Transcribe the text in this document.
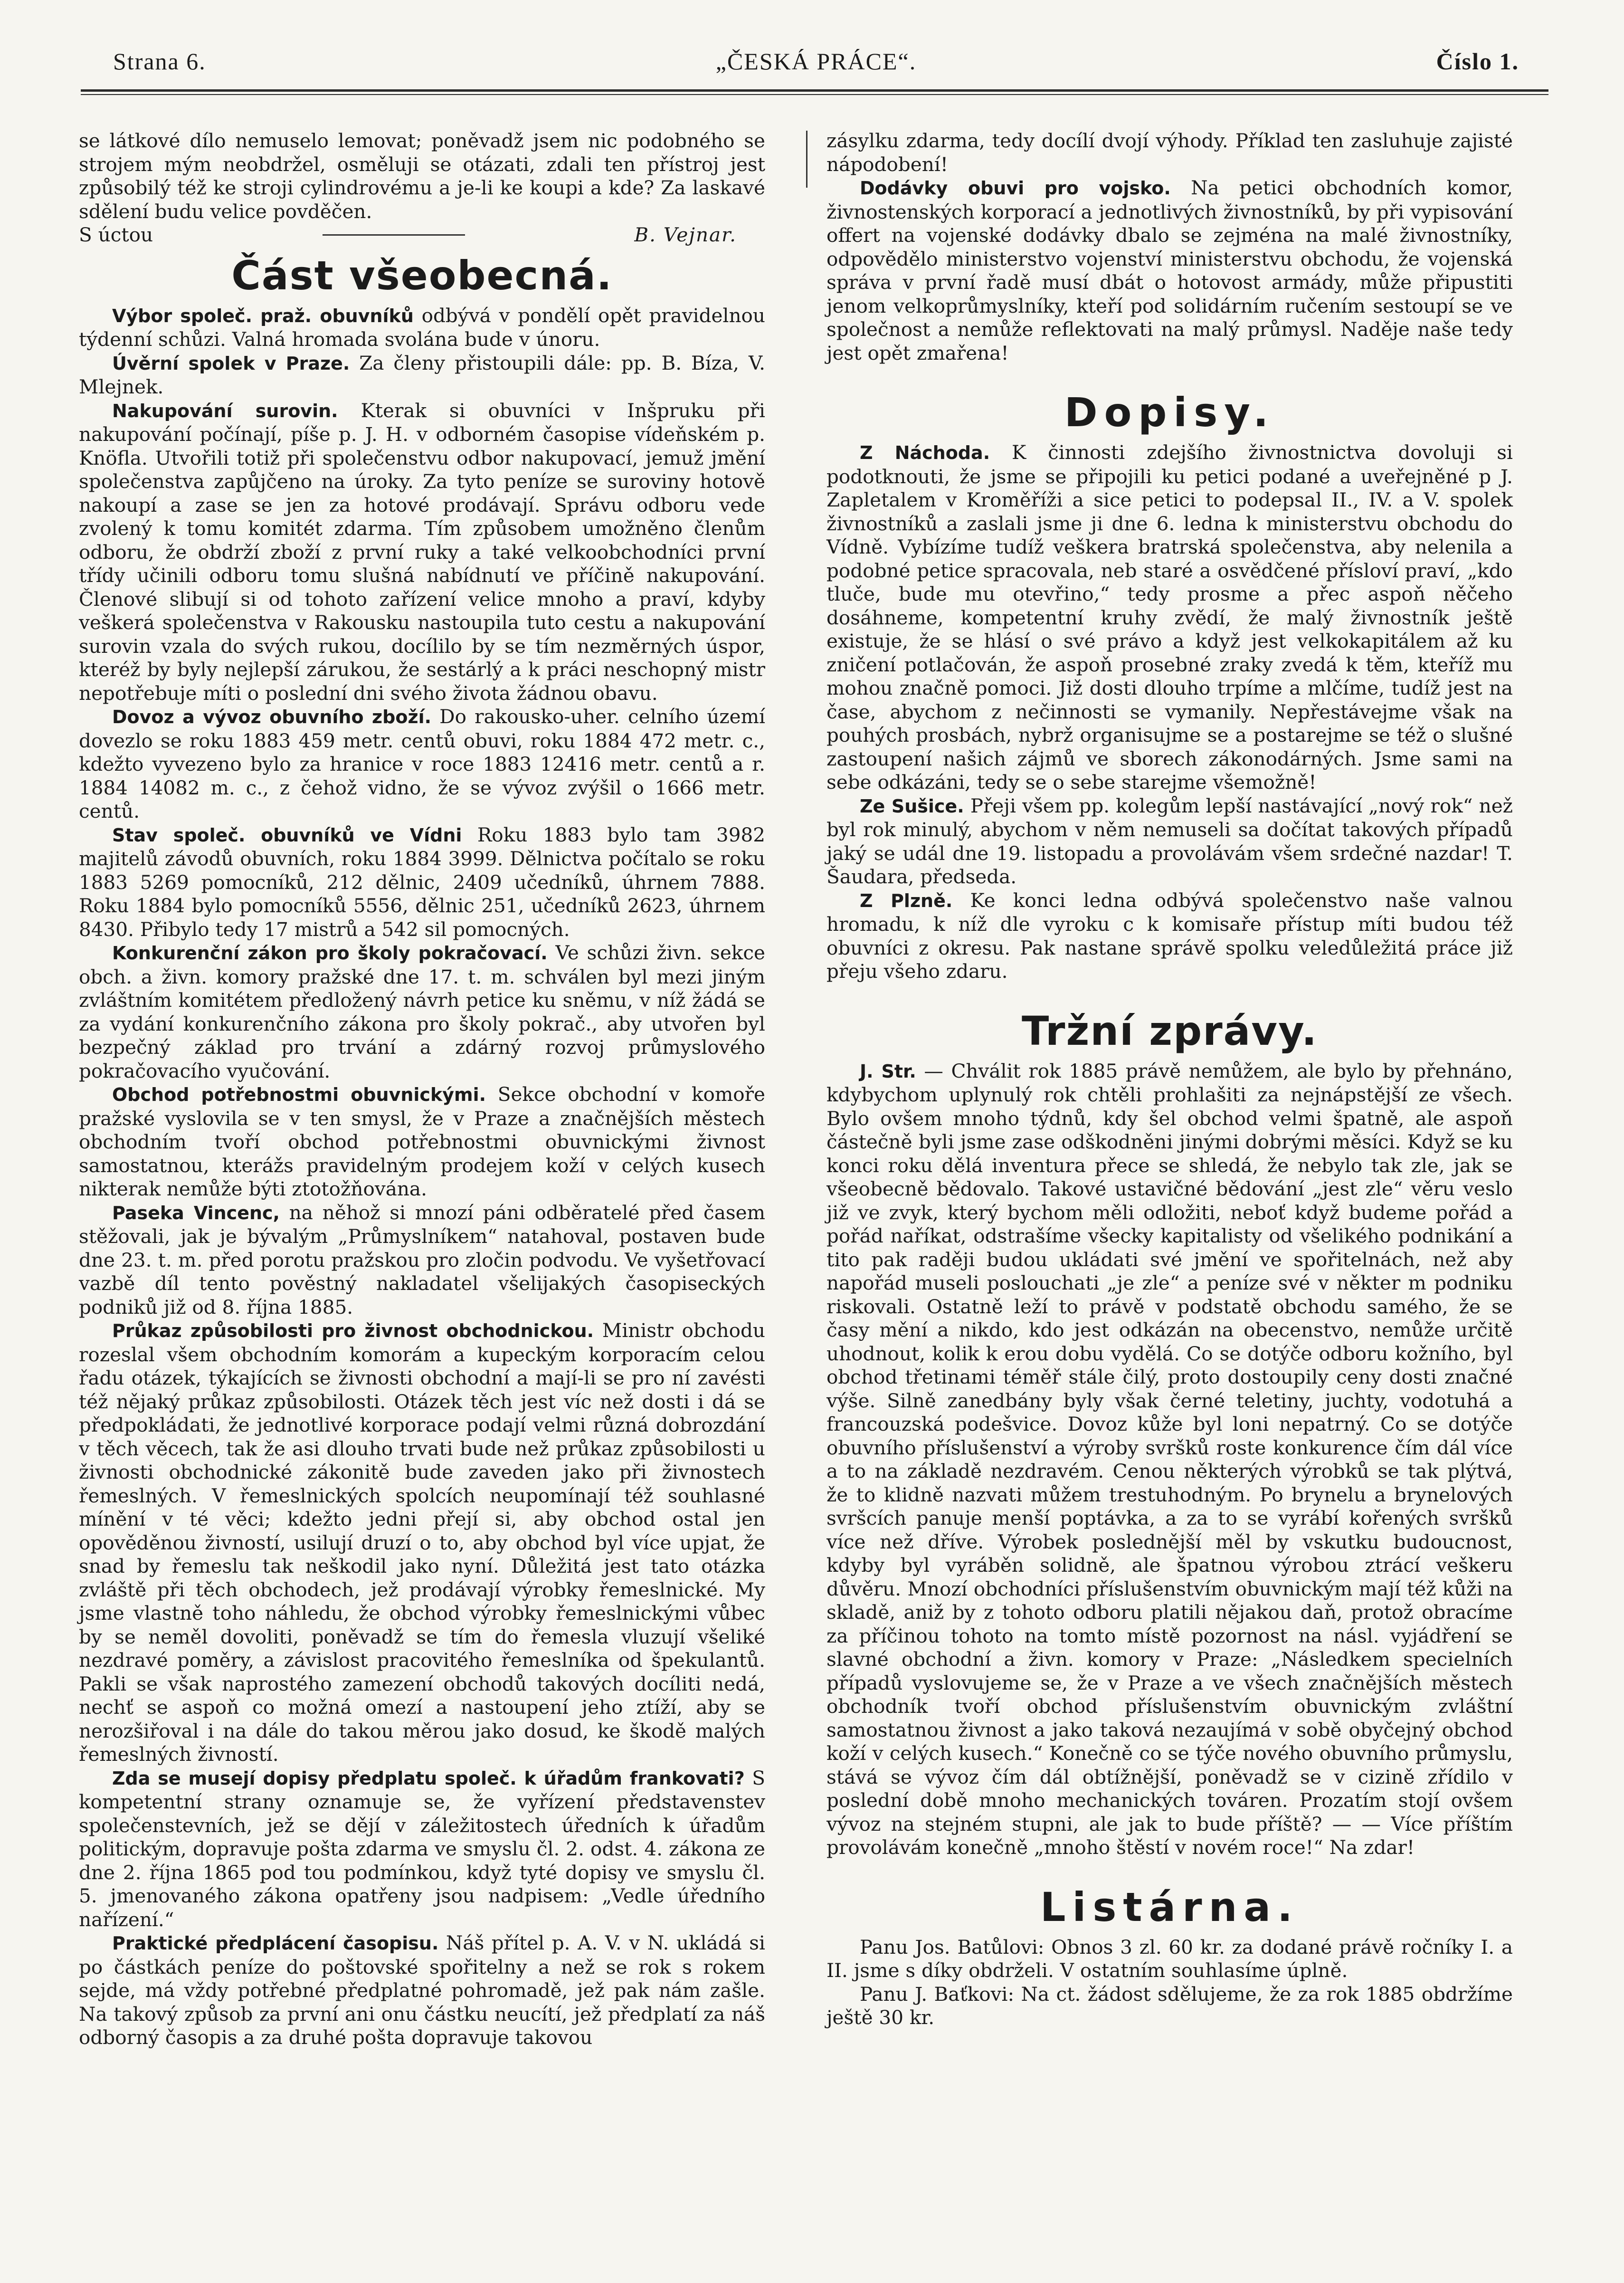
Strana 6.	„ČESKÁ PRÁCE“.	Číslo 1.

se látkové dílo nemuselo lemovat; poněvadž jsem nic podobného se strojem mým neobdržel, osměluji se otázati, zdali ten přístroj jest způsobilý též ke stroji cylindrovému a je-li ke koupi a kde? Za laskavé sdělení budu velice povděčen.

S úctou	B. Vejnar.
Část všeobecná.

Výbor společ. praž. obuvníků odbývá v pondělí opět pravidelnou týdenní schůzi. Valná hromada svolána bude v únoru.

Úvěrní spolek v Praze. Za členy přistoupili dále: pp. B. Bíza, V. Mlejnek.

Nakupování surovin. Kterak si obuvníci v Inšpruku při nakupování počínají, píše p. J. H. v odborném časopise vídeňském p. Knöfla. Utvořili totiž při společenstvu odbor nakupovací, jemuž jmění společenstva zapůjčeno na úroky. Za tyto peníze se suroviny hotově nakoupí a zase se jen za hotové prodávají. Správu odboru vede zvolený k tomu komitét zdarma. Tím způsobem umožněno členům odboru, že obdrží zboží z první ruky a také velkoobchodníci první třídy učinili odboru tomu slušná nabídnutí ve příčině nakupování. Členové slibují si od tohoto zařízení velice mnoho a praví, kdyby veškerá společenstva v Rakousku nastoupila tuto cestu a nakupování surovin vzala do svých rukou, docílilo by se tím nezměrných úspor, kteréž by byly nejlepší zárukou, že sestárlý a k práci neschopný mistr nepotřebuje míti o poslední dni svého života žádnou obavu.

Dovoz a vývoz obuvního zboží. Do rakousko-uher. celního území dovezlo se roku 1883 459 metr. centů obuvi, roku 1884 472 metr. c., kdežto vyvezeno bylo za hranice v roce 1883 12416 metr. centů a r. 1884 14082 m. c., z čehož vidno, že se vývoz zvýšil o 1666 metr. centů.

Stav společ. obuvníků ve Vídni Roku 1883 bylo tam 3982 majitelů závodů obuvních, roku 1884 3999. Dělnictva počítalo se roku 1883 5269 pomocníků, 212 dělnic, 2409 učedníků, úhrnem 7888. Roku 1884 bylo pomocníků 5556, dělnic 251, učedníků 2623, úhrnem 8430. Přibylo tedy 17 mistrů a 542 sil pomocných.

Konkurenční zákon pro školy pokračovací. Ve schůzi živn. sekce obch. a živn. komory pražské dne 17. t. m. schválen byl mezi jiným zvláštním komitétem předložený návrh petice ku sněmu, v níž žádá se za vydání konkurenčního zákona pro školy pokrač., aby utvořen byl bezpečný základ pro trvání a zdárný rozvoj průmyslového pokračovacího vyučování.

Obchod potřebnostmi obuvnickými. Sekce obchodní v komoře pražské vyslovila se v ten smysl, že v Praze a značnějších městech obchodním tvoří obchod potřebnostmi obuvnickými živnost samostatnou, kterážs pravidelným prodejem koží v celých kusech nikterak nemůže býti ztotožňována.

Paseka Vincenc, na něhož si mnozí páni odběratelé před časem stěžovali, jak je bývalým „Průmyslníkem“ natahoval, postaven bude dne 23. t. m. před porotu pražskou pro zločin podvodu. Ve vyšetřovací vazbě díl tento pověstný nakladatel všelijakých časopiseckých podniků již od 8. října 1885.

Průkaz způsobilosti pro živnost obchodnickou. Ministr obchodu rozeslal všem obchodním komorám a kupeckým korporacím celou řadu otázek, týkajících se živnosti obchodní a mají-li se pro ní zavésti též nějaký průkaz způsobilosti. Otázek těch jest víc než dosti i dá se předpokládati, že jednotlivé korporace podají velmi různá dobrozdání v těch věcech, tak že asi dlouho trvati bude než průkaz způsobilosti u živnosti obchodnické zákonitě bude zaveden jako při živnostech řemeslných. V řemeslnických spolcích neupomínají též souhlasné mínění v té věci; kdežto jedni přejí si, aby obchod ostal jen opověděnou živností, usilují druzí o to, aby obchod byl více upjat, že snad by řemeslu tak neškodil jako nyní. Důležitá jest tato otázka zvláště při těch obchodech, jež prodávají výrobky řemeslnické. My jsme vlastně toho náhledu, že obchod výrobky řemeslnickými vůbec by se neměl dovoliti, poněvadž se tím do řemesla vluzují všeliké nezdravé poměry, a závislost pracovitého řemeslníka od špekulantů. Pakli se však naprostého zamezení obchodů takových docíliti nedá, nechť se aspoň co možná omezí a nastoupení jeho ztíží, aby se nerozšiřoval i na dále do takou měrou jako dosud, ke škodě malých řemeslných živností.

Zda se musejí dopisy předplatu společ. k úřadům frankovati? S kompetentní strany oznamuje se, že vyřízení představenstev společenstevních, jež se dějí v záležitostech úředních k úřadům politickým, dopravuje pošta zdarma ve smyslu čl. 2. odst. 4. zákona ze dne 2. října 1865 pod tou podmínkou, když tyté dopisy ve smyslu čl. 5. jmenovaného zákona opatřeny jsou nadpisem: „Vedle úředního nařízení.“

Praktické předplácení časopisu. Náš přítel p. A. V. v N. ukládá si po částkách peníze do poštovské spořitelny a než se rok s rokem sejde, má vždy potřebné předplatné pohromadě, jež pak nám zašle. Na takový způsob za první ani onu částku neucítí, jež předplatí za náš odborný časopis a za druhé pošta dopravuje takovou

zásylku zdarma, tedy docílí dvojí výhody. Příklad ten zasluhuje zajisté nápodobení!

Dodávky obuvi pro vojsko. Na petici obchodních komor, živnostenských korporací a jednotlivých živnostníků, by při vypisování offert na vojenské dodávky dbalo se zejména na malé živnostníky, odpovědělo ministerstvo vojenství ministerstvu obchodu, že vojenská správa v první řadě musí dbát o hotovost armády, může připustiti jenom velkoprůmyslníky, kteří pod solidárním ručením sestoupí se ve společnost a nemůže reflektovati na malý průmysl. Naděje naše tedy jest opět zmařena!

Dopisy.

Z Náchoda. K činnosti zdejšího živnostnictva dovoluji si podotknouti, že jsme se připojili ku petici podané a uveřejněné p J. Zapletalem v Kroměříži a sice petici to podepsal II., IV. a V. spolek živnostníků a zaslali jsme ji dne 6. ledna k ministerstvu obchodu do Vídně. Vybízíme tudíž veškera bratrská společenstva, aby nelenila a podobné petice spracovala, neb staré a osvědčené přísloví praví, „kdo tluče, bude mu otevřino,“ tedy prosme a přec aspoň něčeho dosáhneme, kompetentní kruhy zvědí, že malý živnostník ještě existuje, že se hlásí o své právo a když jest velkokapitálem až ku zničení potlačován, že aspoň prosebné zraky zvedá k těm, kteříž mu mohou značně pomoci. Již dosti dlouho trpíme a mlčíme, tudíž jest na čase, abychom z nečinnosti se vymanily. Nepřestávejme však na pouhých prosbách, nybrž organisujme se a postarejme se též o slušné zastoupení našich zájmů ve sborech zákonodárných. Jsme sami na sebe odkázáni, tedy se o sebe starejme všemožně!

Ze Sušice. Přeji všem pp. kolegům lepší nastávající „nový rok“ než byl rok minulý, abychom v něm nemuseli sa dočítat takových případů jaký se udál dne 19. listopadu a provolávám všem srdečné nazdar! T. Šaudara, předseda.

Z Plzně. Ke konci ledna odbývá společenstvo naše valnou hromadu, k níž dle vyroku c k komisaře přístup míti budou též obuvníci z okresu. Pak nastane správě spolku veledůležitá práce již přeju všeho zdaru.

Tržní zprávy.

J. Str. — Chválit rok 1885 právě nemůžem, ale bylo by přehnáno, kdybychom uplynulý rok chtěli prohlašiti za nejnápstější ze všech. Bylo ovšem mnoho týdnů, kdy šel obchod velmi špatně, ale aspoň částečně byli jsme zase odškodněni jinými dobrými měsíci. Když se ku konci roku dělá inventura přece se shledá, že nebylo tak zle, jak se všeobecně bědovalo. Takové ustavičné bědování „jest zle“ věru veslo již ve zvyk, který bychom měli odložiti, neboť když budeme pořád a pořád naříkat, odstrašíme všecky kapitalisty od všelikého podnikání a tito pak raději budou ukládati své jmění ve spořitelnách, než aby napořád museli poslouchati „je zle“ a peníze své v někter m podniku riskovali. Ostatně leží to právě v podstatě obchodu samého, že se časy mění a nikdo, kdo jest odkázán na obecenstvo, nemůže určitě uhodnout, kolik k erou dobu vydělá. Co se dotýče odboru kožního, byl obchod třetinami téměř stále čilý, proto dostoupily ceny dosti značné výše. Silně zanedbány byly však černé teletiny, juchty, vodotuhá a francouzská podešvice. Dovoz kůže byl loni nepatrný. Co se dotýče obuvního příslušenství a výroby svršků roste konkurence čím dál více a to na základě nezdravém. Cenou některých výrobků se tak plýtvá, že to klidně nazvati můžem trestuhodným. Po brynelu a brynelových svršcích panuje menší poptávka, a za to se vyrábí kořených svršků více než dříve. Výrobek poslednější měl by vskutku budoucnost, kdyby byl vyráběn solidně, ale špatnou výrobou ztrácí veškeru důvěru. Mnozí obchodníci příslušenstvím obuvnickým mají též kůži na skladě, aniž by z tohoto odboru platili nějakou daň, protož obracíme za příčinou tohoto na tomto místě pozornost na násl. vyjádření se slavné obchodní a živn. komory v Praze: „Následkem specielních případů vyslovujeme se, že v Praze a ve všech značnějších městech obchodník tvoří obchod příslušenstvím obuvnickým zvláštní samostatnou živnost a jako taková nezaujímá v sobě obyčejný obchod koží v celých kusech.“ Konečně co se týče nového obuvního průmyslu, stává se vývoz čím dál obtížnější, poněvadž se v cizině zřídilo v poslední době mnoho mechanických továren. Prozatím stojí ovšem vývoz na stejném stupni, ale jak to bude příště? — — Více příštím provolávám konečně „mnoho štěstí v novém roce!“ Na zdar!

Listárna.

Panu Jos. Batůlovi: Obnos 3 zl. 60 kr. za dodané právě ročníky I. a II. jsme s díky obdrželi. V ostatním souhlasíme úplně.

Panu J. Baťkovi: Na ct. žádost sdělujeme, že za rok 1885 obdržíme ještě 30 kr.
